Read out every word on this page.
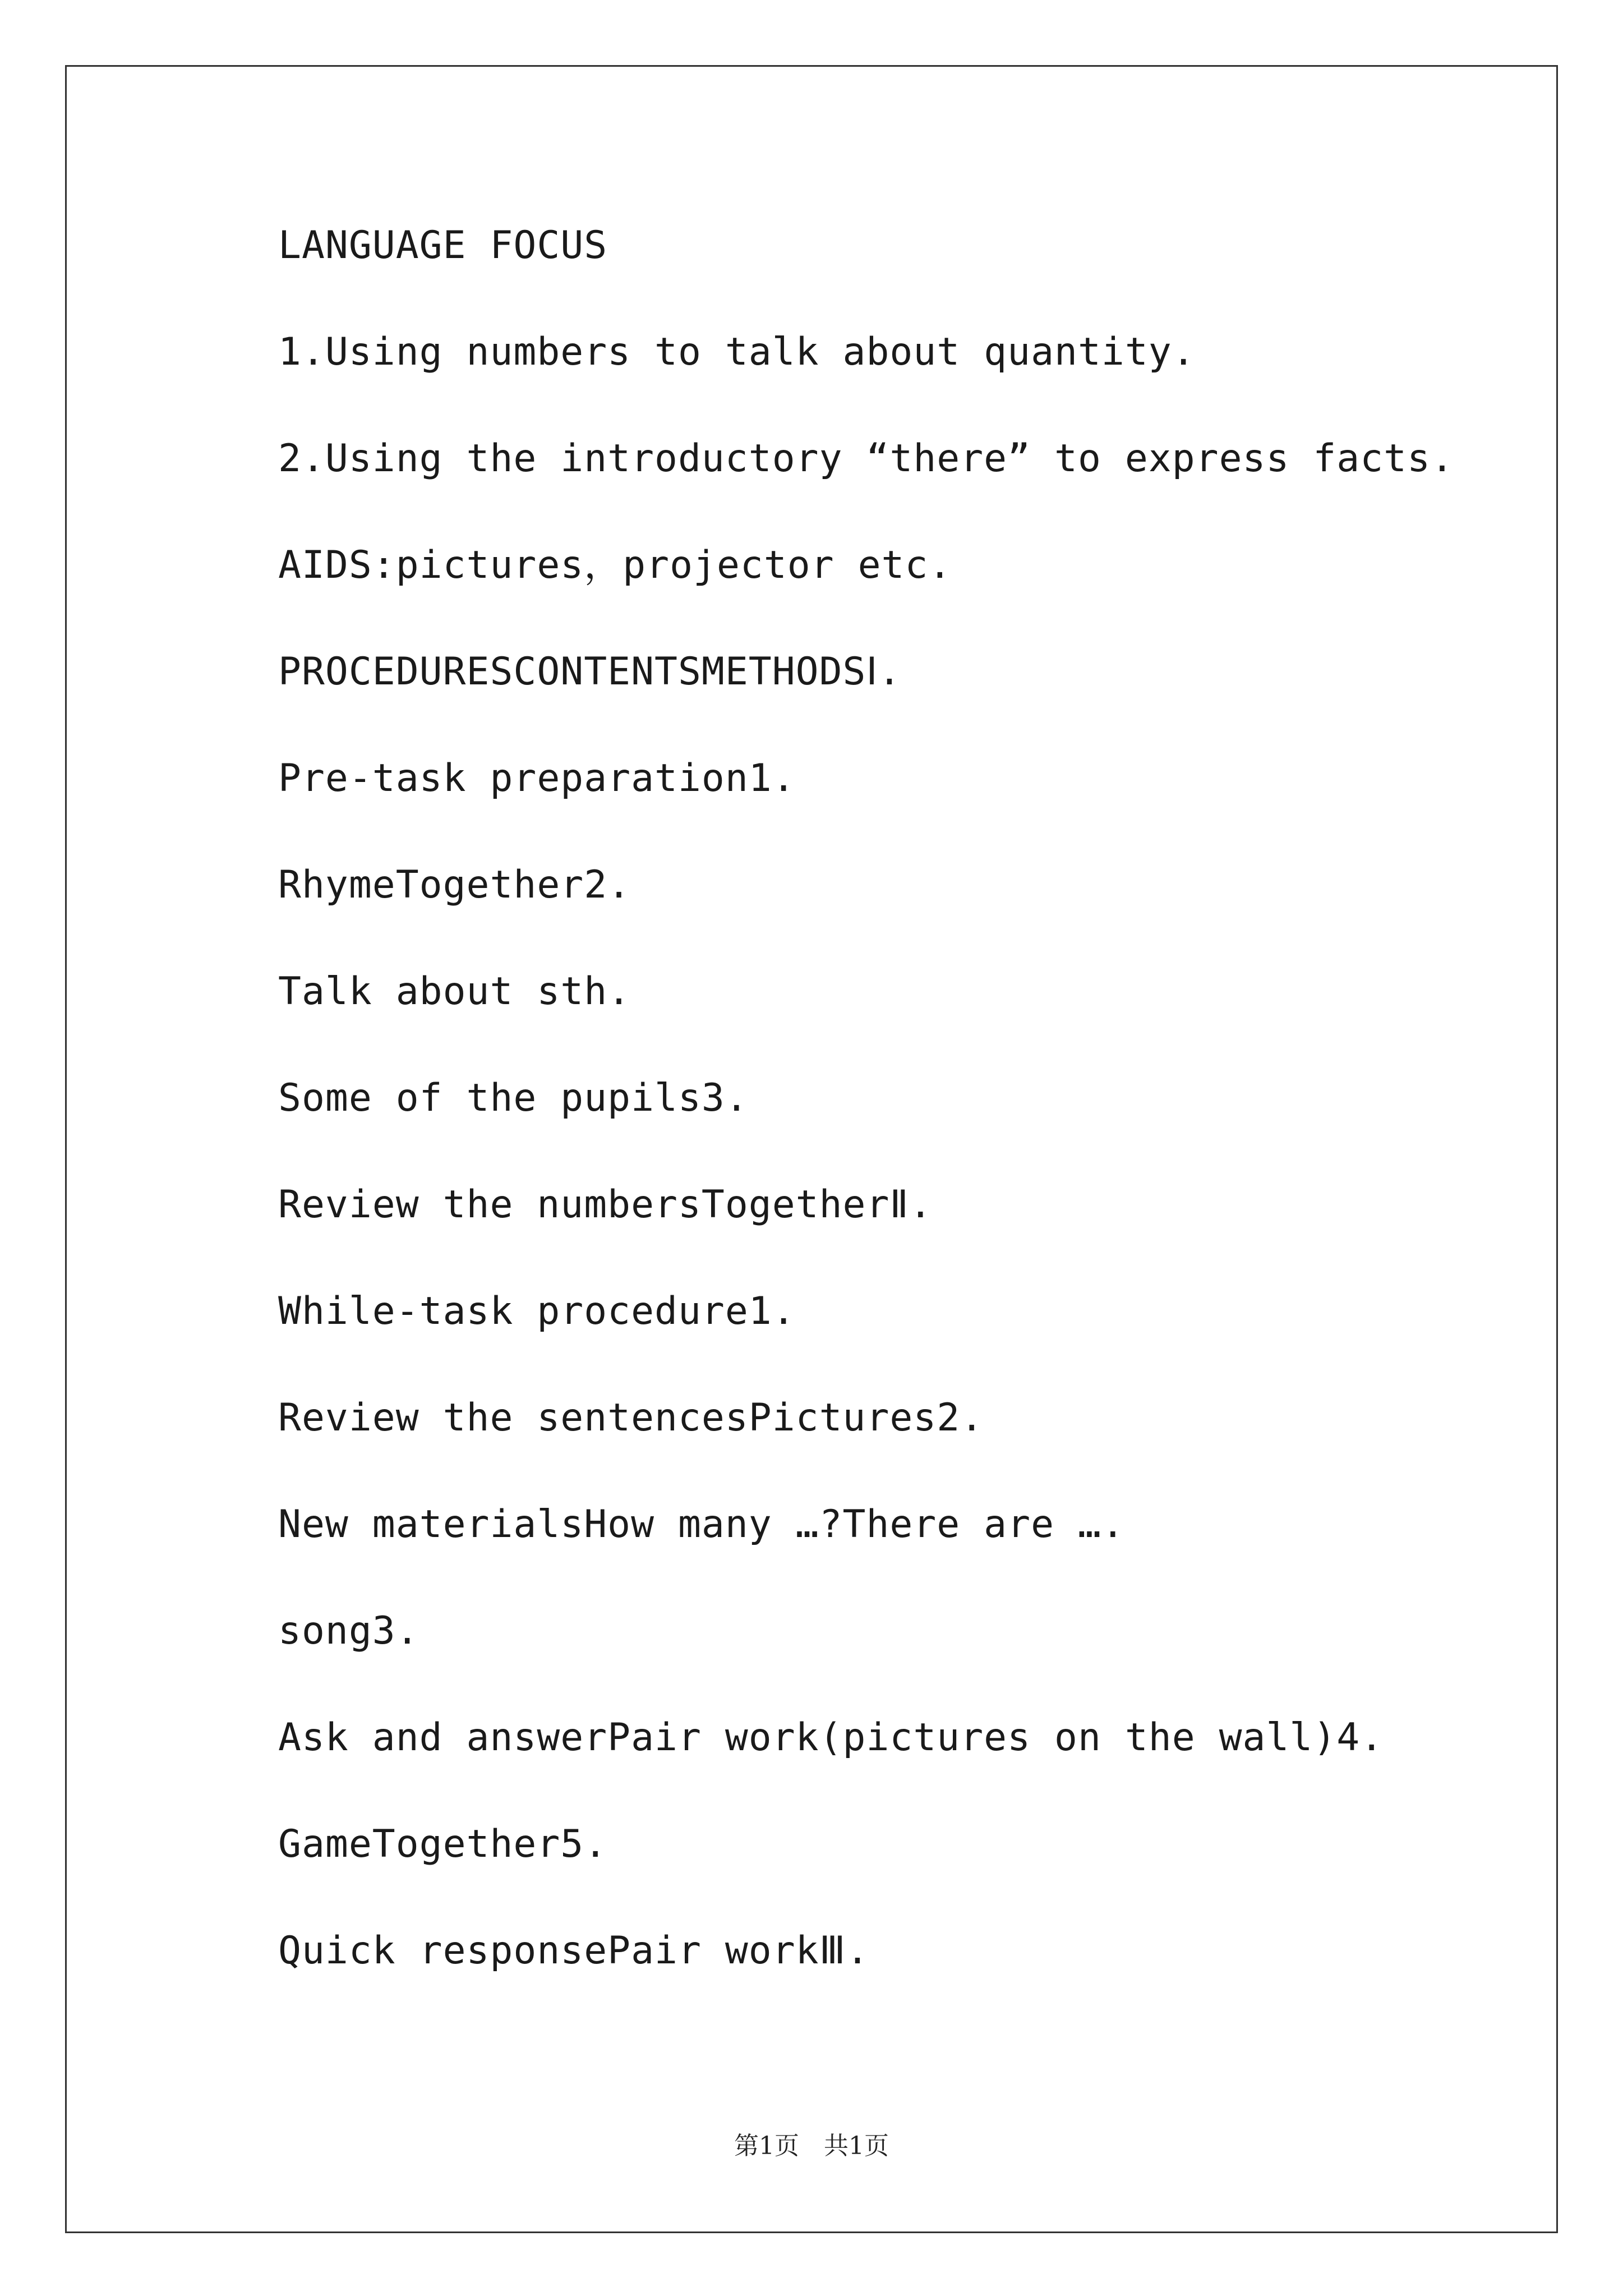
LANGUAGE FOCUS
1.Using numbers to talk about quantity.
2.Using the introductory “there” to express facts.
AIDS:pictures，projector etc.
PROCEDURESCONTENTSMETHODSⅠ.
Pre-task preparation1.
RhymeTogether2.
Talk about sth.
Some of the pupils3.
Review the numbersTogetherⅡ.
While-task procedure1.
Review the sentencesPictures2.
New materialsHow many …?There are ….
song3.
Ask and answerPair work(pictures on the wall)4.
GameTogether5.
Quick responsePair workⅢ.
第1页　共1页
